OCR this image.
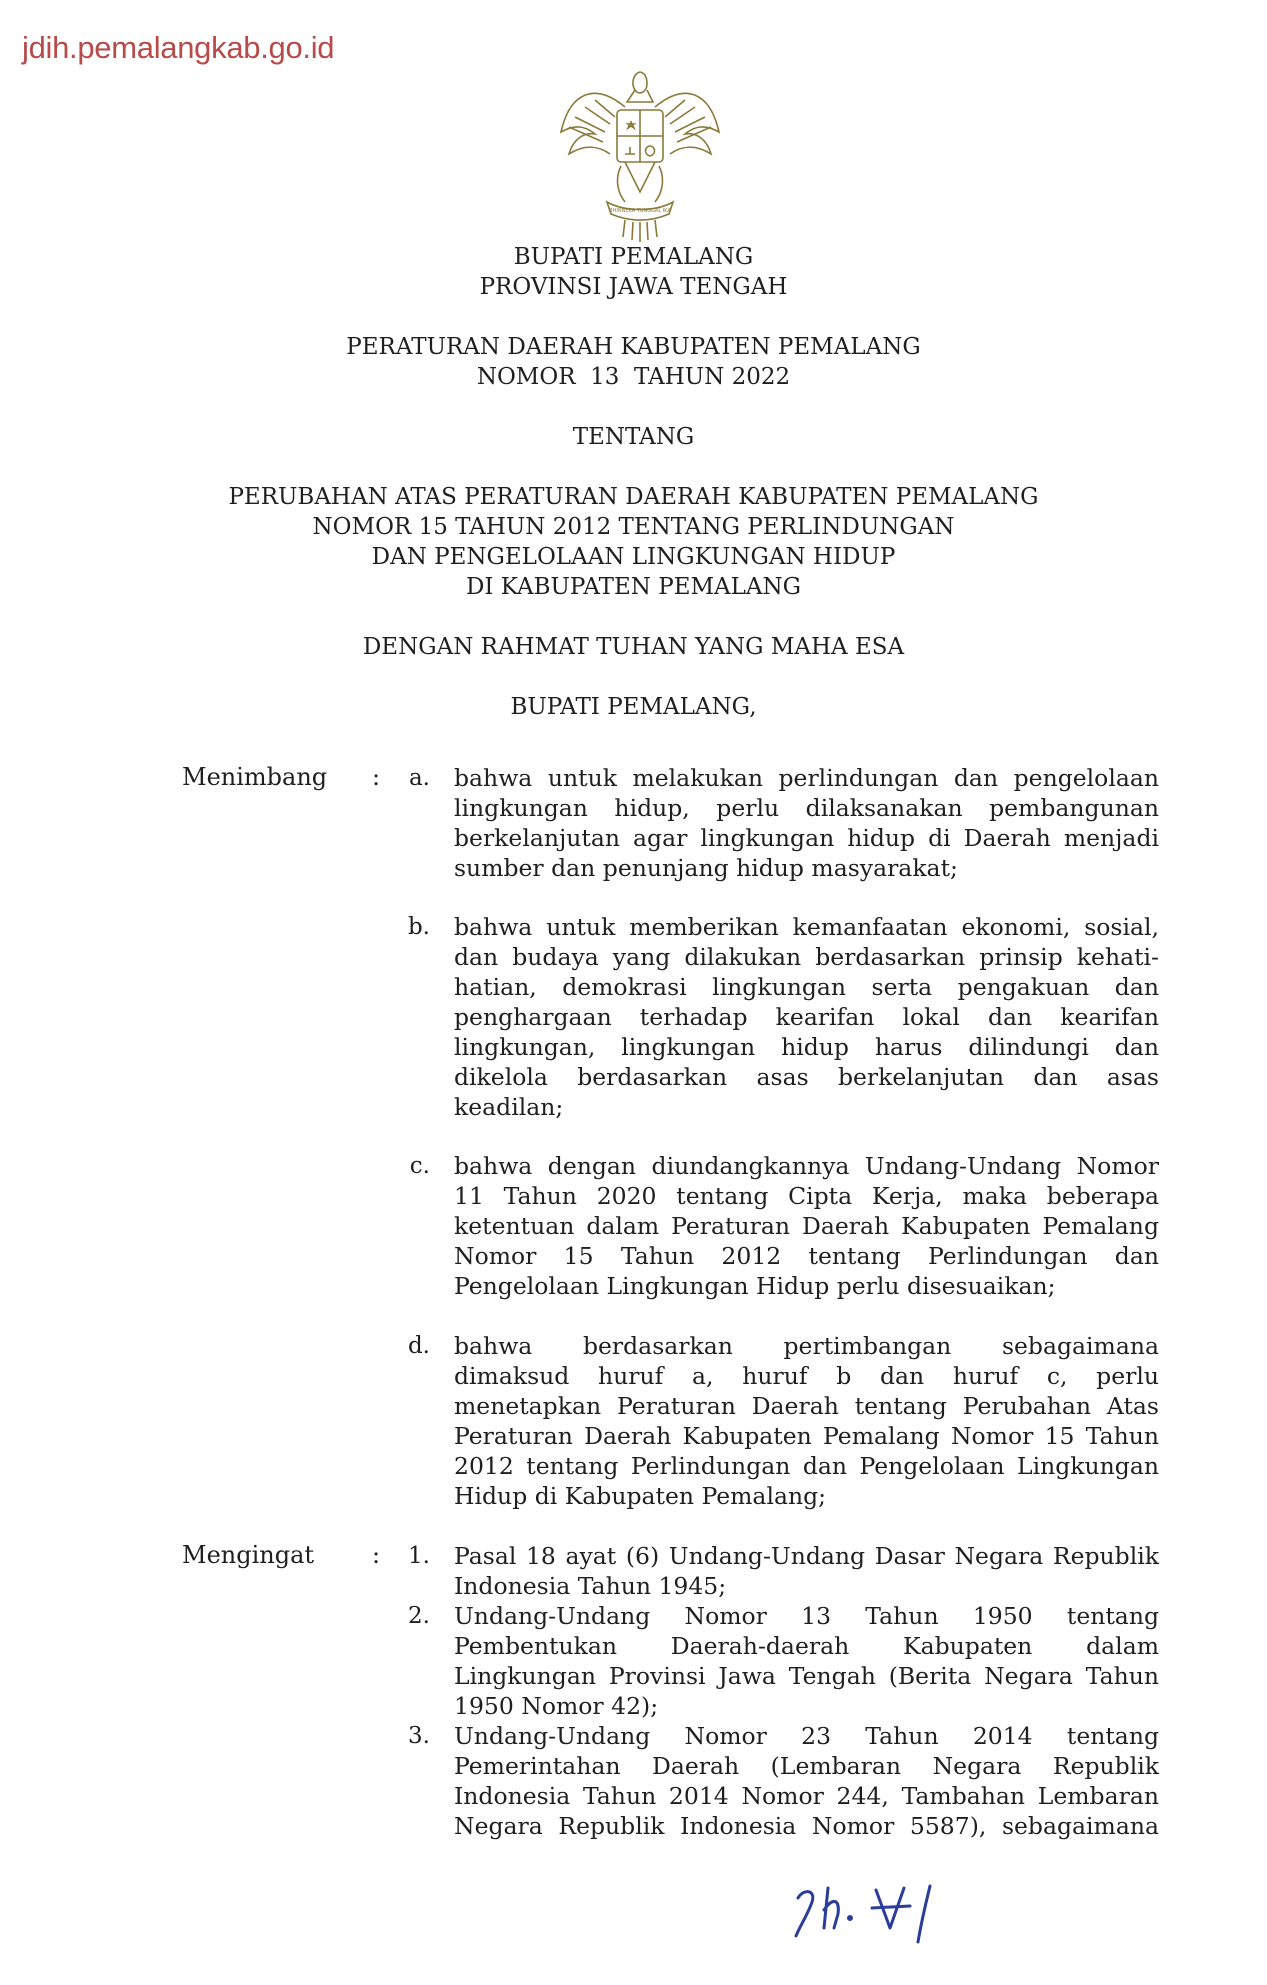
jdih.pemalangkab.go.id
BHINNEKA TUNGGAL IKA
BUPATI PEMALANG
PROVINSI JAWA TENGAH
PERATURAN DAERAH KABUPATEN PEMALANG
NOMOR  13  TAHUN 2022
TENTANG
PERUBAHAN ATAS PERATURAN DAERAH KABUPATEN PEMALANG
NOMOR 15 TAHUN 2012 TENTANG PERLINDUNGAN
DAN PENGELOLAAN LINGKUNGAN HIDUP
DI KABUPATEN PEMALANG
DENGAN RAHMAT TUHAN YANG MAHA ESA
BUPATI PEMALANG,
Menimbang :	a. bahwa untuk melakukan perlindungan dan pengelolaan
lingkungan hidup, perlu dilaksanakan pembangunan
berkelanjutan agar lingkungan hidup di Daerah menjadi
sumber dan penunjang hidup masyarakat;
b. bahwa untuk memberikan kemanfaatan ekonomi, sosial,
dan budaya yang dilakukan berdasarkan prinsip kehati-
hatian, demokrasi lingkungan serta pengakuan dan
penghargaan terhadap kearifan lokal dan kearifan
lingkungan, lingkungan hidup harus dilindungi dan
dikelola berdasarkan asas berkelanjutan dan asas
keadilan;
c. bahwa dengan diundangkannya Undang-Undang Nomor
11 Tahun 2020 tentang Cipta Kerja, maka beberapa
ketentuan dalam Peraturan Daerah Kabupaten Pemalang
Nomor 15 Tahun 2012 tentang Perlindungan dan
Pengelolaan Lingkungan Hidup perlu disesuaikan;
d. bahwa berdasarkan pertimbangan sebagaimana
dimaksud huruf a, huruf b dan huruf c, perlu
menetapkan Peraturan Daerah tentang Perubahan Atas
Peraturan Daerah Kabupaten Pemalang Nomor 15 Tahun
2012 tentang Perlindungan dan Pengelolaan Lingkungan
Hidup di Kabupaten Pemalang;
Mengingat :	1. Pasal 18 ayat (6) Undang-Undang Dasar Negara Republik
Indonesia Tahun 1945;
2. Undang-Undang Nomor 13 Tahun 1950 tentang
Pembentukan Daerah-daerah Kabupaten dalam
Lingkungan Provinsi Jawa Tengah (Berita Negara Tahun
1950 Nomor 42);
3. Undang-Undang Nomor 23 Tahun 2014 tentang
Pemerintahan Daerah (Lembaran Negara Republik
Indonesia Tahun 2014 Nomor 244, Tambahan Lembaran
Negara Republik Indonesia Nomor 5587), sebagaimana
